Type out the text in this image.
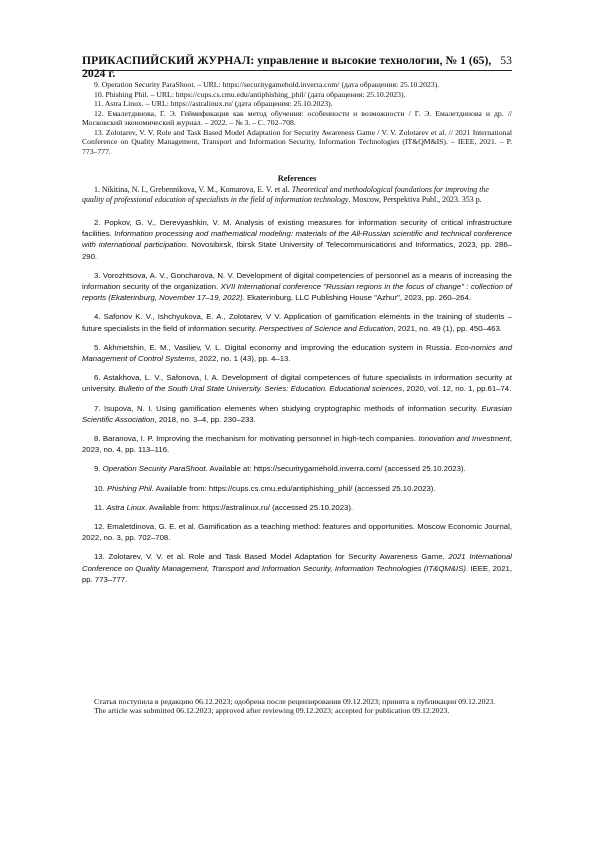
ПРИКАСПИЙСКИЙ ЖУРНАЛ: управление и высокие технологии, № 1 (65), 2024 г.
53
9. Operation Security ParaShoot. – URL: https://securitygamehold.inverra.com/ (дата обращения: 25.10.2023).
10. Phishing Phil. – URL: https://cups.cs.cmu.edu/antiphishing_phil/ (дата обращения: 25.10.2023).
11. Astra Linux. – URL: https://astralinux.ru/ (дата обращения: 25.10.2023).
12. Емалетдинова, Г. Э. Геймификация как метод обучения: особенности и возможности / Г. Э. Емалетдинова и др. // Московский экономический журнал. – 2022. – № 3. – С. 702–708.
13. Zolotarev, V. V. Role and Task Based Model Adaptation for Security Awareness Game / V. V. Zolotarev et al. // 2021 International Conference on Quality Management, Transport and Information Security, Information Technologies (IT&QM&IS). – IEEE, 2021. – P. 773–777.
References
1. Nikitina, N. I., Grebennikova, V. M., Komarova, E. V. et al. Theoretical and methodological foundations for improving the quality of professional education of specialists in the field of information technology. Moscow, Perspektiva Publ., 2023. 353 p.
2. Popkov, G. V., Derevyashkin, V. M. Analysis of existing measures for information security of critical infrastructure facilities. Information processing and mathematical modeling: materials of the All-Russian scientific and technical conference with international participation. Novosibirsk, Ibirsk State University of Telecommunications and Informatics, 2023, pp. 286–290.
3. Vorozhtsova, A. V., Goncharova, N. V. Development of digital competencies of personnel as a means of increasing the information security of the organization. XVII International conference "Russian regions in the focus of change" : collection of reports (Ekaterinburg, November 17–19, 2022). Ekaterinburg, LLC Publishing House "Azhur", 2023, pp. 260–264.
4. Safonov K. V., Ishchyukova, E. A., Zolotarev, V V. Application of gamification elements in the training of students – future specialists in the field of information security. Perspectives of Science and Education, 2021, no. 49 (1), pp. 450–463.
5. Akhmetshin, E. M., Vasiliev, V. L. Digital economy and improving the education system in Russia. Eco-nomics and Management of Control Systems, 2022, no. 1 (43), pp. 4–13.
6. Astakhova, L. V., Safonova, I. A. Development of digital competences of future specialists in information security at university. Bulletin of the South Ural State University. Series: Education. Educational sciences, 2020, vol. 12, no. 1, pp.61–74.
7. Isupova, N. I. Using gamification elements when studying cryptographic methods of information security. Eurasian Scientific Association, 2018, no. 3–4, pp. 230–233.
8. Baranova, I. P. Improving the mechanism for motivating personnel in high-tech companies. Innovation and Investment, 2023, no. 4, pp. 113–116.
9. Operation Security ParaShoot. Available at: https://securitygamehold.inverra.com/ (accessed 25.10.2023).
10. Phishing Phil. Available from: https://cups.cs.cmu.edu/antiphishing_phil/ (accessed 25.10.2023).
11. Astra Linux. Available from: https://astralinux.ru/ (accessed 25.10.2023).
12. Emaletdinova, G. E. et al. Gamification as a teaching method: features and opportunities. Moscow Economic Journal, 2022, no. 3, pp. 702–708.
13. Zolotarev, V. V. et al. Role and Task Based Model Adaptation for Security Awareness Game. 2021 International Conference on Quality Management, Transport and Information Security, Information Technologies (IT&QM&IS). IEEE, 2021, pp. 773–777.
Статья поступила в редакцию 06.12.2023; одобрена после рецензирования 09.12.2023; принята к публикации 09.12.2023.
The article was submitted 06.12.2023; approved after reviewing 09.12.2023; accepted for publication 09.12.2023.
